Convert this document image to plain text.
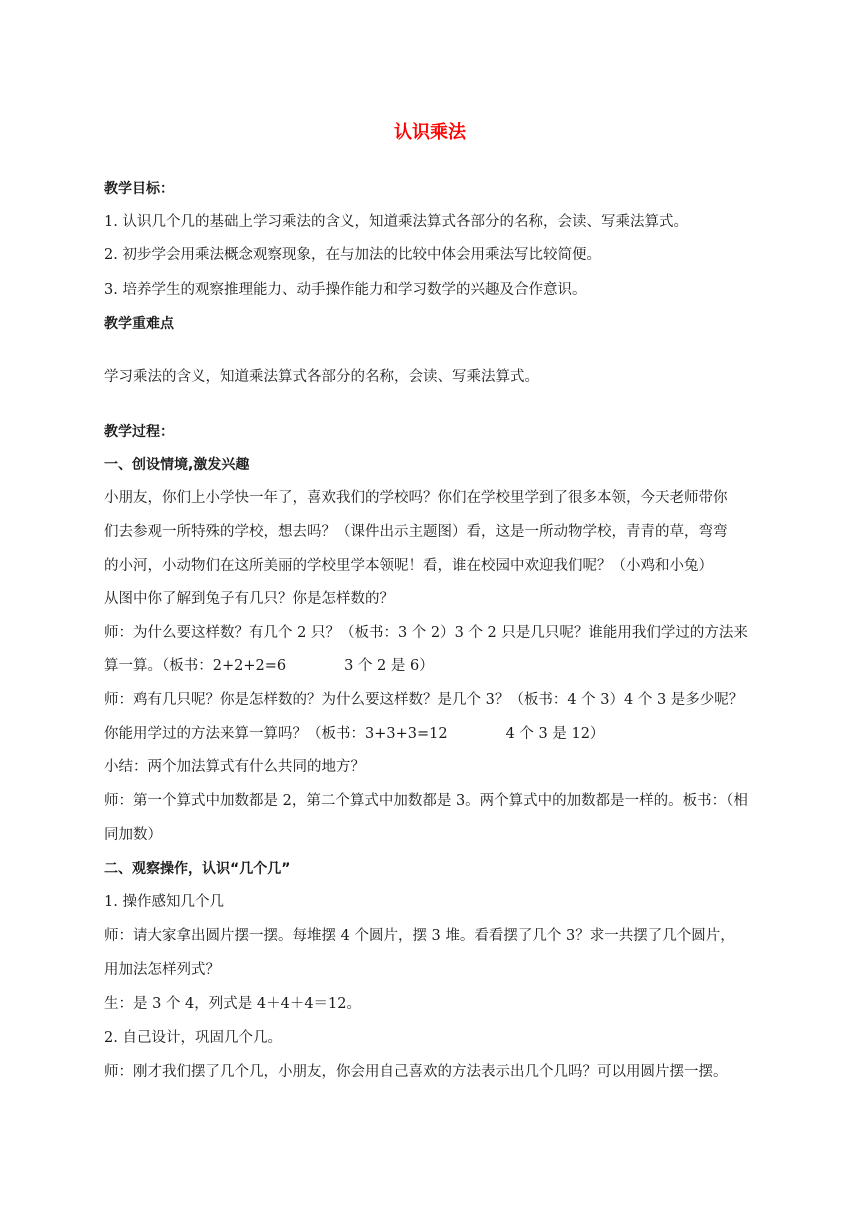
认识乘法
教学目标：
1. 认识几个几的基础上学习乘法的含义，知道乘法算式各部分的名称，会读、写乘法算式。
2. 初步学会用乘法概念观察现象，在与加法的比较中体会用乘法写比较简便。
3. 培养学生的观察推理能力、动手操作能力和学习数学的兴趣及合作意识。
教学重难点
学习乘法的含义，知道乘法算式各部分的名称，会读、写乘法算式。
教学过程：
一、创设情境,激发兴趣
小朋友，你们上小学快一年了，喜欢我们的学校吗？你们在学校里学到了很多本领，今天老师带你
们去参观一所特殊的学校，想去吗？（课件出示主题图）看，这是一所动物学校，青青的草，弯弯
的小河，小动物们在这所美丽的学校里学本领呢！看，谁在校园中欢迎我们呢？（小鸡和小兔）
从图中你了解到兔子有几只？你是怎样数的？
师：为什么要这样数？有几个 2 只？（板书：3 个 2）3 个 2 只是几只呢？谁能用我们学过的方法来
算一算。（板书：2+2+2=6	3 个 2 是 6）
师：鸡有几只呢？你是怎样数的？为什么要这样数？是几个 3？（板书：4 个 3）4 个 3 是多少呢？
你能用学过的方法来算一算吗？（板书：3+3+3=12	4 个 3 是 12）
小结：两个加法算式有什么共同的地方？
师：第一个算式中加数都是 2，第二个算式中加数都是 3。两个算式中的加数都是一样的。板书：（相
同加数）
二、观察操作，认识“几个几”
1. 操作感知几个几
师：请大家拿出圆片摆一摆。每堆摆 4 个圆片，摆 3 堆。看看摆了几个 3？求一共摆了几个圆片，
用加法怎样列式？
生：是 3 个 4，列式是 4＋4＋4＝12。
2. 自己设计，巩固几个几。
师：刚才我们摆了几个几，小朋友，你会用自己喜欢的方法表示出几个几吗？可以用圆片摆一摆。
